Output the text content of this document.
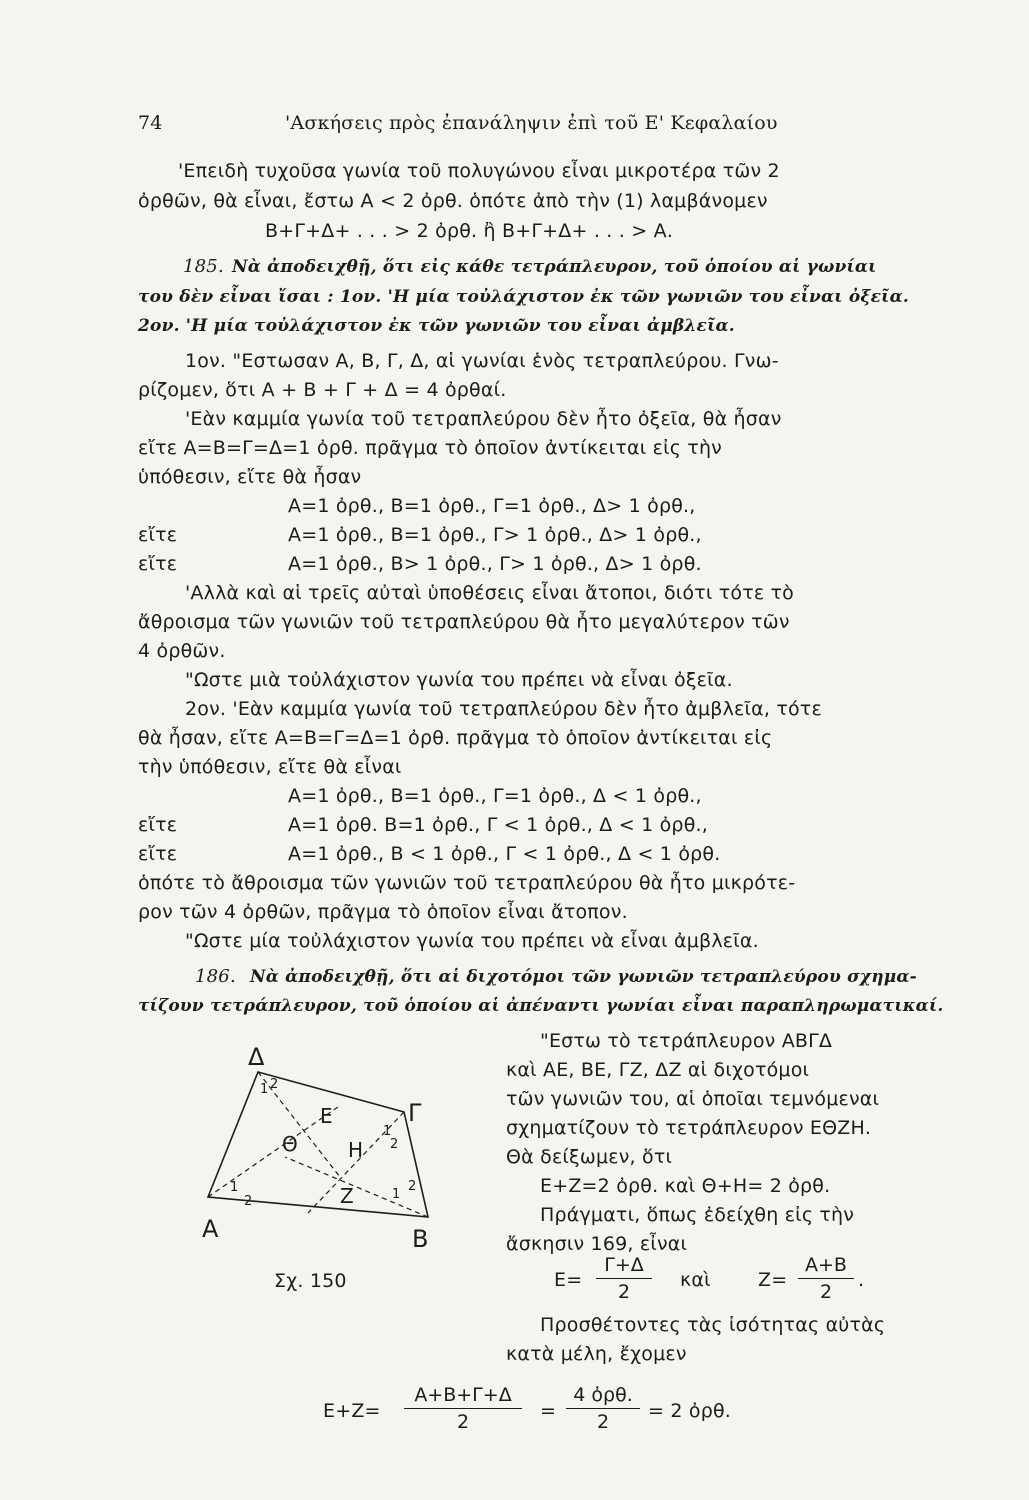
74	'Ασκήσεις πρὸς ἐπανάληψιν ἐπὶ τοῦ Ε' Κεφαλαίου
'Επειδὴ τυχοῦσα γωνία τοῦ πολυγώνου εἶναι μικροτέρα τῶν 2
ὀρθῶν, θὰ εἶναι, ἔστω Α < 2 ὀρθ. ὁπότε ἀπὸ τὴν (1) λαμβάνομεν
Β+Γ+Δ+ . . . > 2 ὀρθ. ἢ Β+Γ+Δ+ . . . > Α.
185. Νὰ ἀποδειχθῇ, ὅτι εἰς κάθε τετράπλευρον, τοῦ ὁποίου αἱ γωνίαι
του δὲν εἶναι ἴσαι : 1ον. 'Η μία τοὐλάχιστον ἐκ τῶν γωνιῶν του εἶναι ὀξεῖα.
2ον. 'Η μία τοὐλάχιστον ἐκ τῶν γωνιῶν του εἶναι ἀμβλεῖα.
1ον. "Εστωσαν Α, Β, Γ, Δ, αἱ γωνίαι ἑνὸς τετραπλεύρου. Γνω-
ρίζομεν, ὅτι Α + Β + Γ + Δ = 4 ὀρθαί.
'Εὰν καμμία γωνία τοῦ τετραπλεύρου δὲν ἦτο ὀξεῖα, θὰ ἦσαν
εἴτε Α=Β=Γ=Δ=1 ὀρθ. πρᾶγμα τὸ ὁποῖον ἀντίκειται εἰς τὴν
ὑπόθεσιν, εἴτε θὰ ἦσαν
Α=1 ὀρθ., Β=1 ὀρθ., Γ=1 ὀρθ., Δ> 1 ὀρθ.,
εἴτε	Α=1 ὀρθ., Β=1 ὀρθ., Γ> 1 ὀρθ., Δ> 1 ὀρθ.,
εἴτε	Α=1 ὀρθ., Β> 1 ὀρθ., Γ> 1 ὀρθ., Δ> 1 ὀρθ.
'Αλλὰ καὶ αἱ τρεῖς αὐταὶ ὑποθέσεις εἶναι ἄτοποι, διότι τότε τὸ
ἄθροισμα τῶν γωνιῶν τοῦ τετραπλεύρου θὰ ἦτο μεγαλύτερον τῶν
4 ὀρθῶν.
"Ωστε μιὰ τοὐλάχιστον γωνία του πρέπει νὰ εἶναι ὀξεῖα.
2ον. 'Εὰν καμμία γωνία τοῦ τετραπλεύρου δὲν ἦτο ἀμβλεῖα, τότε
θὰ ἦσαν, εἴτε Α=Β=Γ=Δ=1 ὀρθ. πρᾶγμα τὸ ὁποῖον ἀντίκειται εἰς
τὴν ὑπόθεσιν, εἴτε θὰ εἶναι
Α=1 ὀρθ., Β=1 ὀρθ., Γ=1 ὀρθ., Δ < 1 ὀρθ.,
εἴτε	Α=1 ὀρθ. Β=1 ὀρθ., Γ < 1 ὀρθ., Δ < 1 ὀρθ.,
εἴτε	Α=1 ὀρθ., Β < 1 ὀρθ., Γ < 1 ὀρθ., Δ < 1 ὀρθ.
ὁπότε τὸ ἄθροισμα τῶν γωνιῶν τοῦ τετραπλεύρου θὰ ἦτο μικρότε-
ρον τῶν 4 ὀρθῶν, πρᾶγμα τὸ ὁποῖον εἶναι ἄτοπον.
"Ωστε μία τοὐλάχιστον γωνία του πρέπει νὰ εἶναι ἀμβλεῖα.
186. Νὰ ἀποδειχθῇ, ὅτι αἱ διχοτόμοι τῶν γωνιῶν τετραπλεύρου σχημα-
τίζουν τετράπλευρον, τοῦ ὁποίου αἱ ἀπέναντι γωνίαι εἶναι παραπληρωματικαί.
"Εστω τὸ τετράπλευρον ΑΒΓΔ
καὶ ΑΕ, ΒΕ, ΓΖ, ΔΖ αἱ διχοτόμοι
τῶν γωνιῶν του, αἱ ὁποῖαι τεμνόμεναι
σχηματίζουν τὸ τετράπλευρον ΕΘΖΗ.
Θὰ δείξωμεν, ὅτι
Ε+Ζ=2 ὀρθ. καὶ Θ+Η= 2 ὀρθ.
Πράγματι, ὅπως ἐδείχθη εἰς τὴν
ἄσκησιν 169, εἶναι
Ε=
Γ+Δ
2
καὶ Ζ=
Α+Β
2
.
Προσθέτοντες τὰς ἰσότητας αὐτὰς
κατὰ μέλη, ἔχομεν
Ε+Ζ=
Α+Β+Γ+Δ
2	=
4 ὀρθ.
2	= 2 ὀρθ.
Δ
Γ
Α	Β
Ε
Θ	Η
Ζ
1 2
1
2
1
2	1
2
Σχ. 150
